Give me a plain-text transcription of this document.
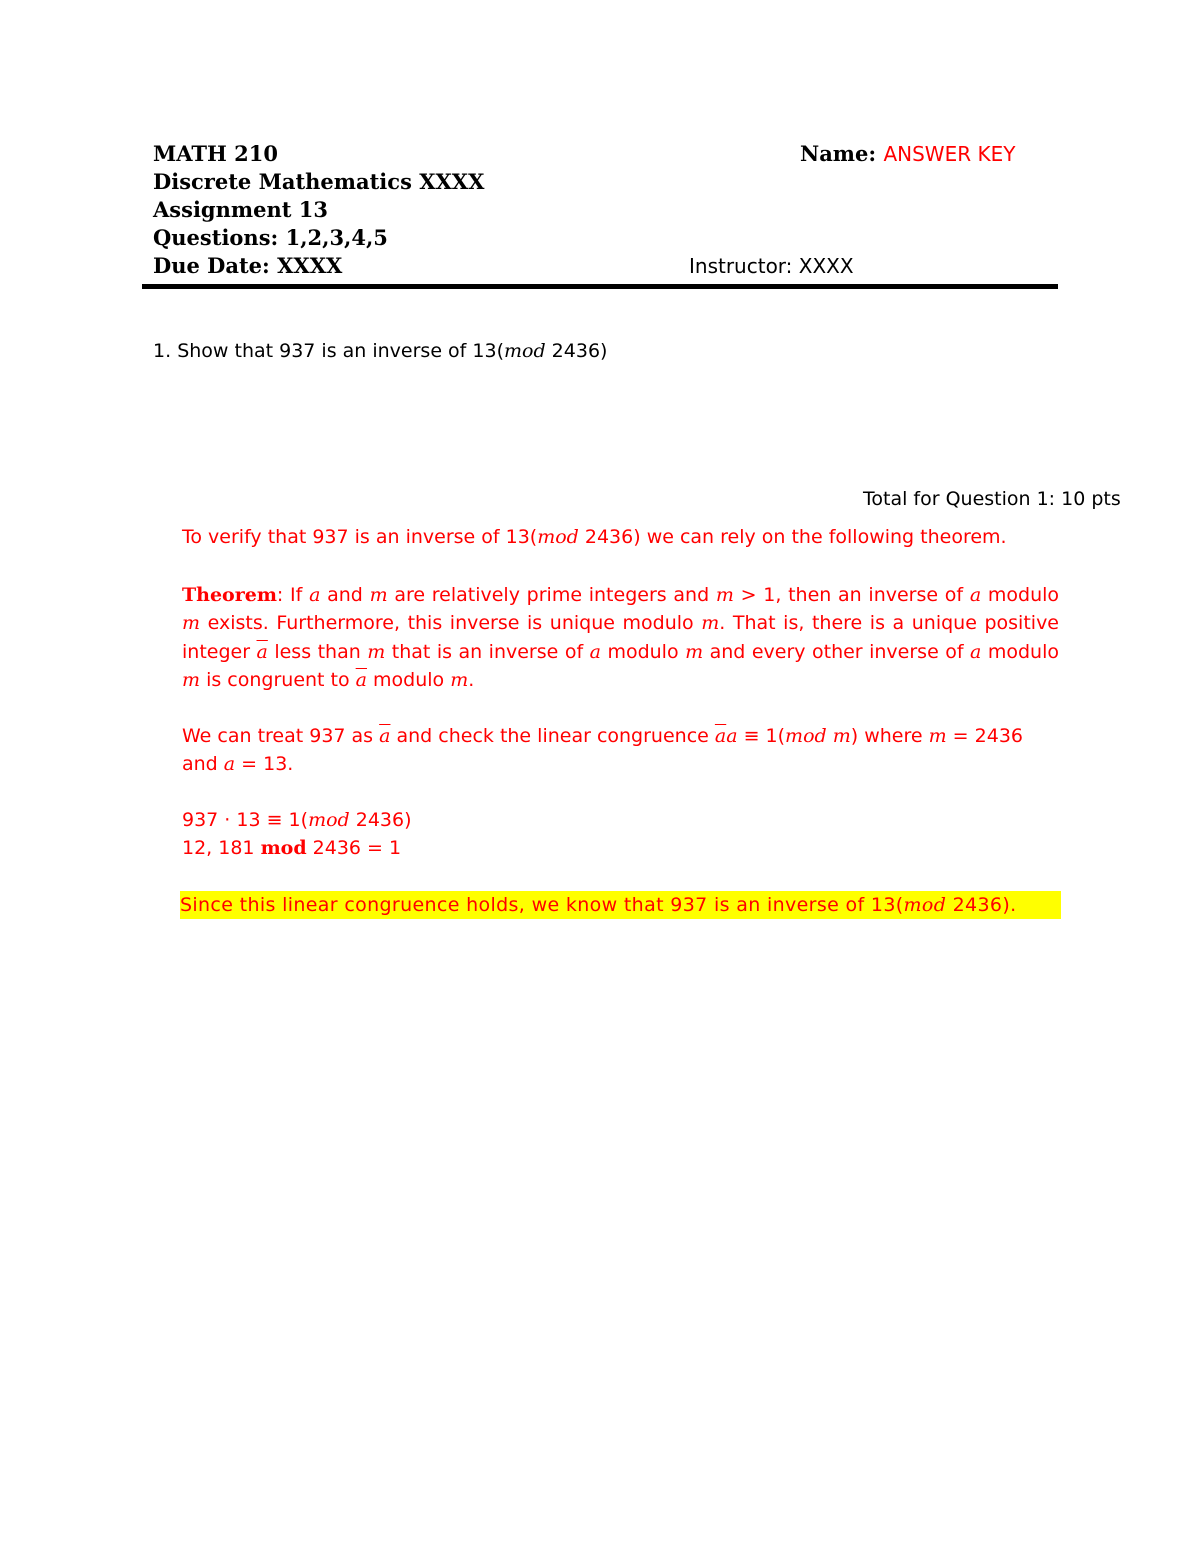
MATH 210
Discrete Mathematics XXXX
Assignment 13
Questions: 1,2,3,4,5
Due Date: XXXX
Name: ANSWER KEY
Instructor: XXXX
1. Show that 937 is an inverse of 13(mod 2436)
Total for Question 1: 10 pts
To verify that 937 is an inverse of 13(mod 2436) we can rely on the following theorem.
Theorem: If a and m are relatively prime integers and m > 1, then an inverse of a modulo m exists. Furthermore, this inverse is unique modulo m. That is, there is a unique positive integer $\overline{a}$ less than m that is an inverse of a modulo m and every other inverse of a modulo m is congruent to $\overline{a}$ modulo m.
We can treat 937 as $\overline{a}$ and check the linear congruence $\overline{a}a \equiv 1(mod$ m) where m = 2436
and a = 13.
937 · 13 ≡ 1(mod 2436)
12, 181 mod 2436 = 1
Since this linear congruence holds, we know that 937 is an inverse of 13(mod 2436).
